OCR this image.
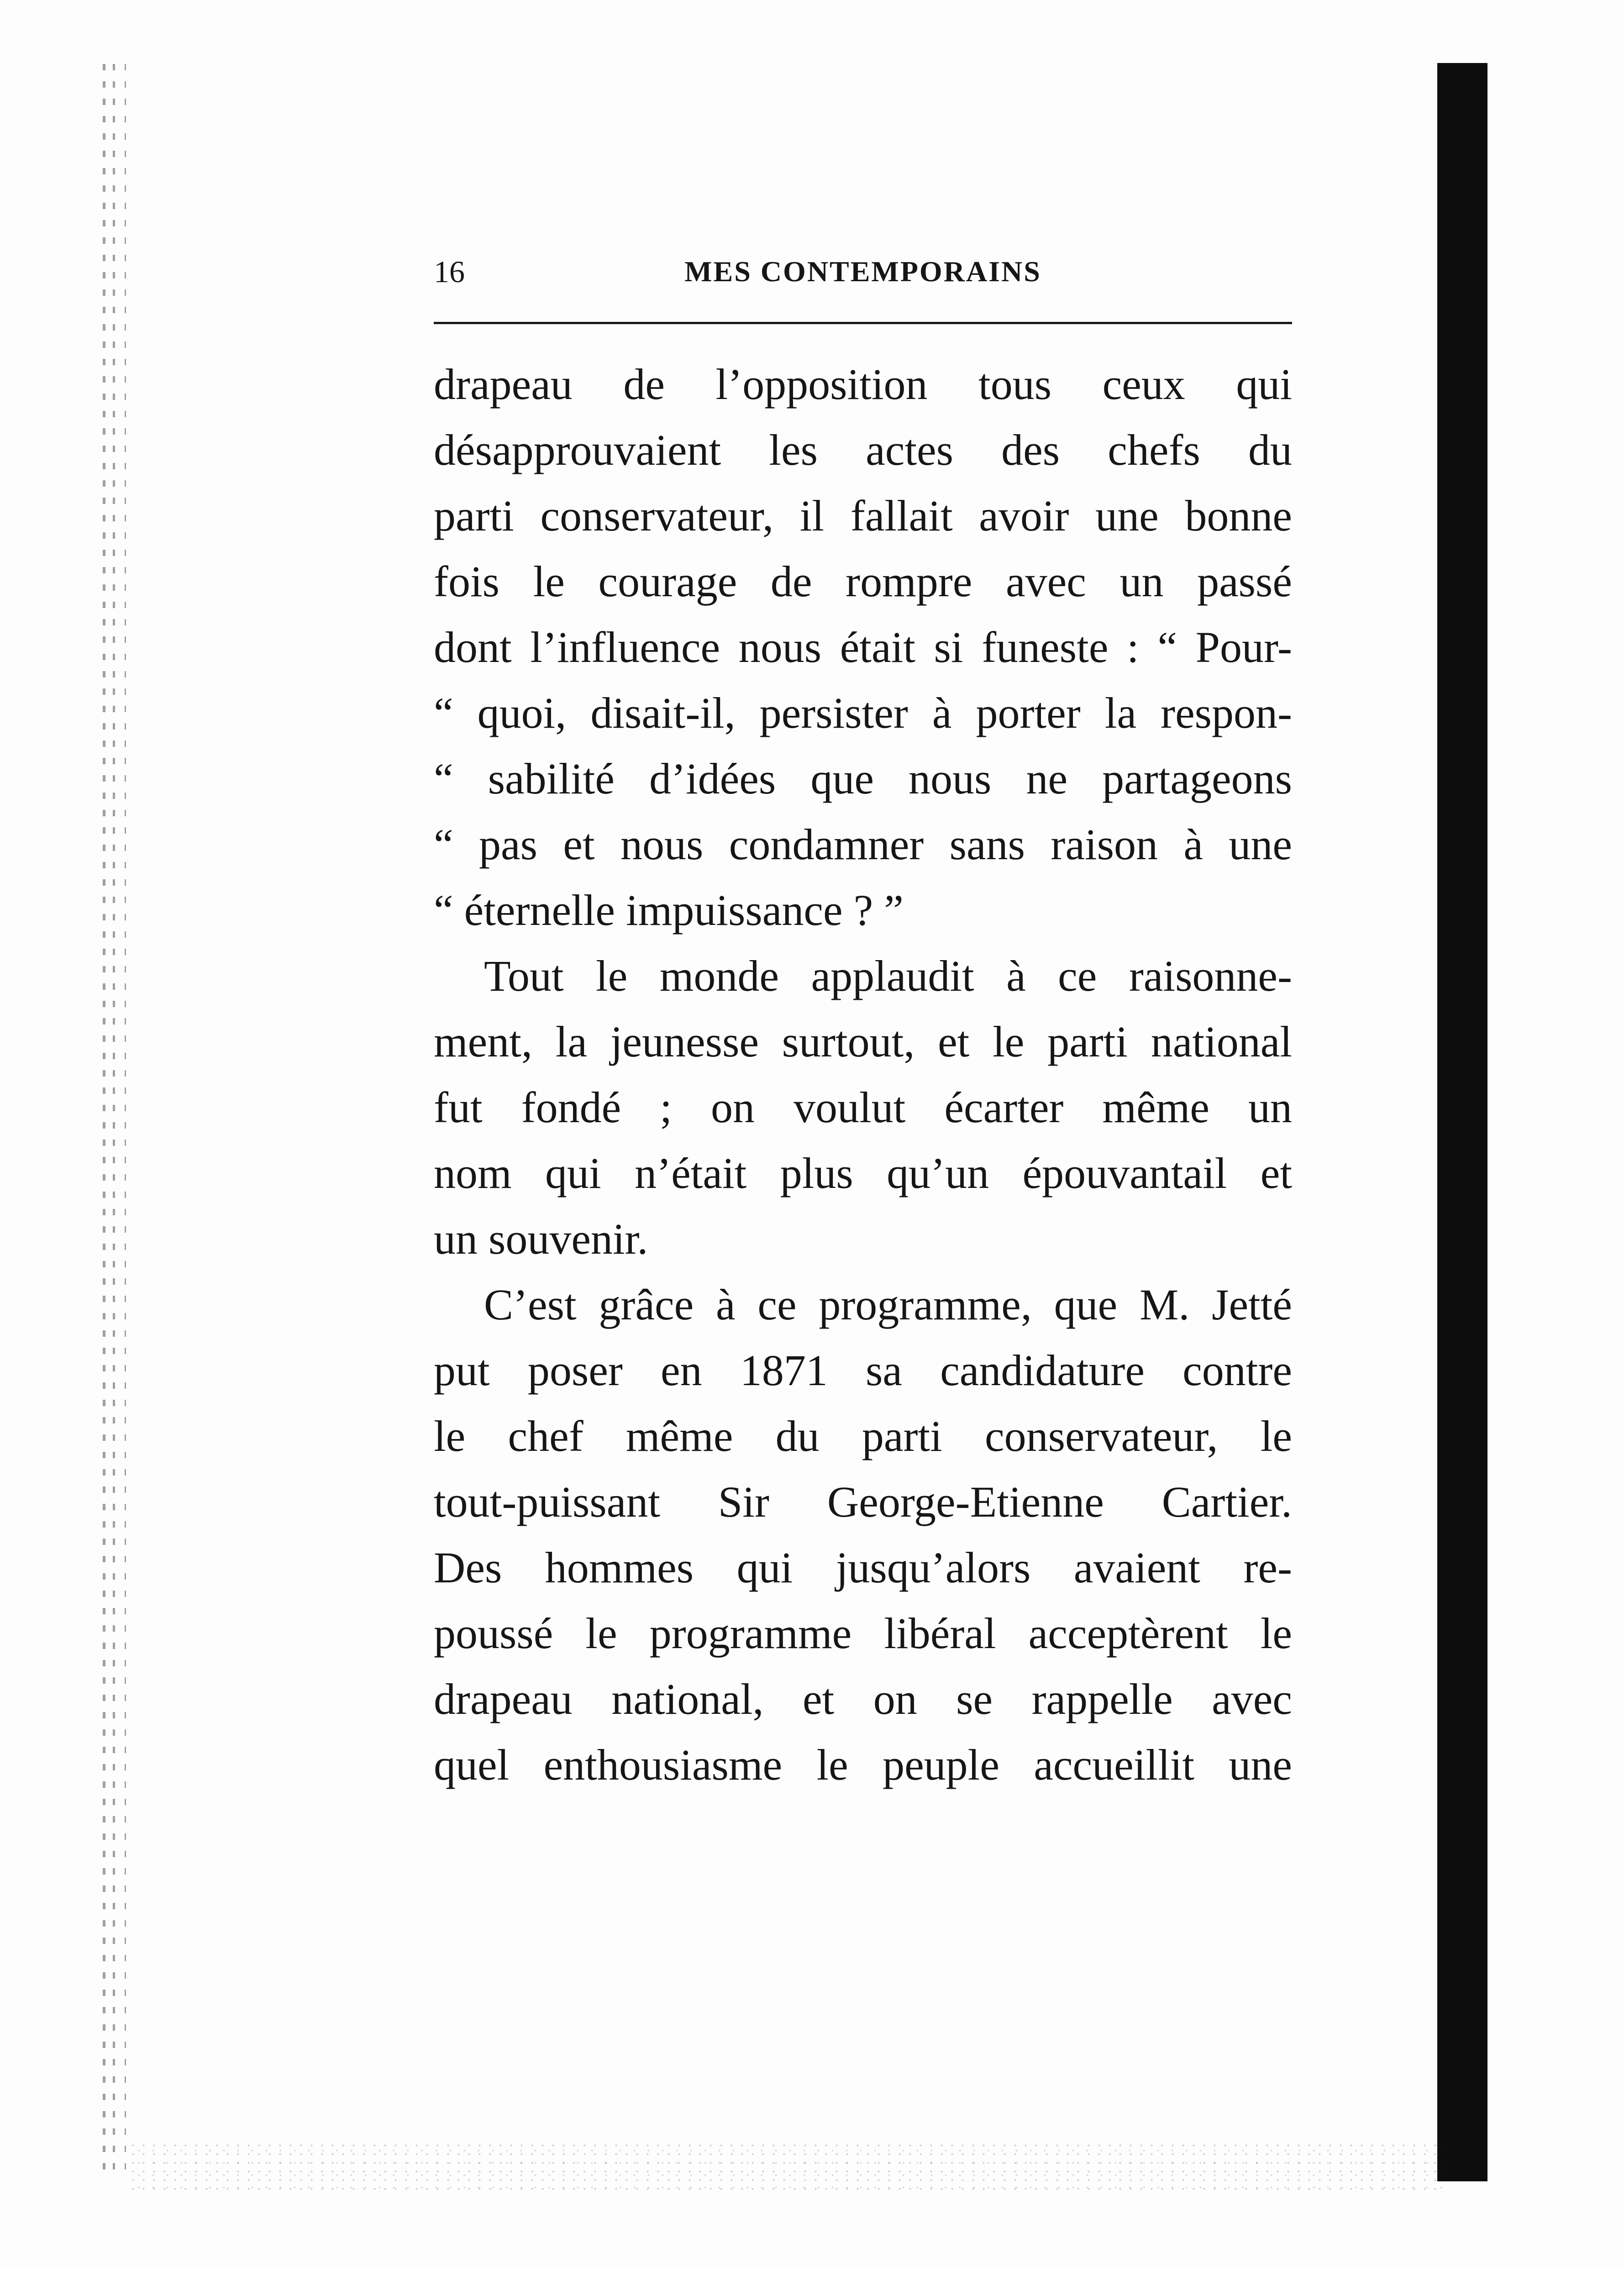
16	MES CONTEMPORAINS
drapeau de l’opposition tous ceux qui
désapprouvaient les actes des chefs du
parti conservateur, il fallait avoir une bonne
fois le courage de rompre avec un passé
dont l’influence nous était si funeste : “ Pour-
“ quoi, disait-il, persister à porter la respon-
“ sabilité d’idées que nous ne partageons
“ pas et nous condamner sans raison à une
“ éternelle impuissance ? ”
Tout le monde applaudit à ce raisonne-
ment, la jeunesse surtout, et le parti national
fut fondé ; on voulut écarter même un
nom qui n’était plus qu’un épouvantail et
un souvenir.
C’est grâce à ce programme, que M. Jetté
put poser en 1871 sa candidature contre
le chef même du parti conservateur, le
tout-puissant Sir George-Etienne Cartier.
Des hommes qui jusqu’alors avaient re-
poussé le programme libéral acceptèrent le
drapeau national, et on se rappelle avec
quel enthousiasme le peuple accueillit une
